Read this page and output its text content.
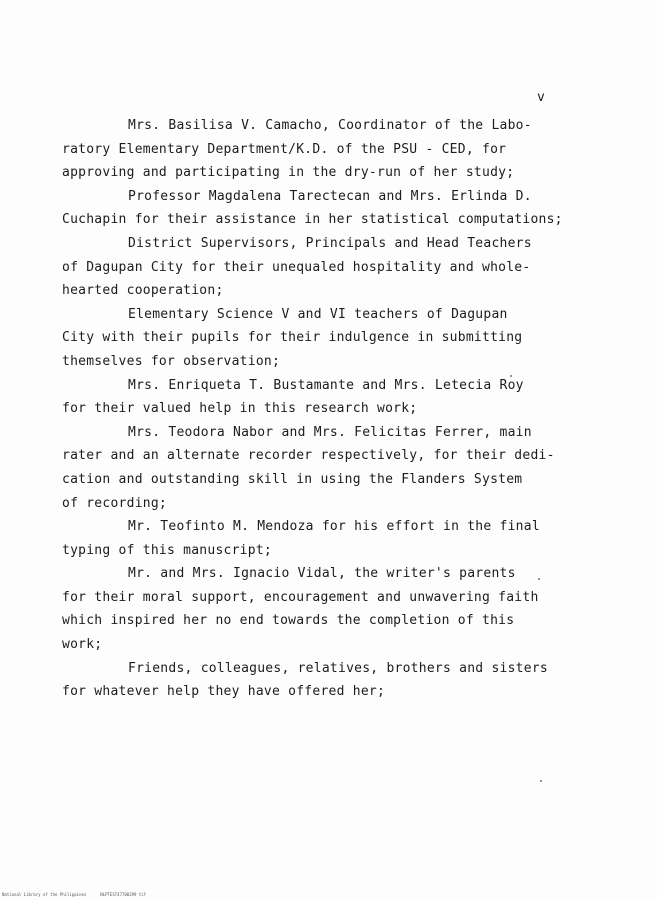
v
Mrs. Basilisa V. Camacho, Coordinator of the Labo-
ratory Elementary Department/K.D. of the PSU - CED, for
approving and participating in the dry-run of her study;
Professor Magdalena Tarectecan and Mrs. Erlinda D.
Cuchapin for their assistance in her statistical computations;
District Supervisors, Principals and Head Teachers
of Dagupan City for their unequaled hospitality and whole-
hearted cooperation;
Elementary Science V and VI teachers of Dagupan
City with their pupils for their indulgence in submitting
themselves for observation;
Mrs. Enriqueta T. Bustamante and Mrs. Letecia Roy
for their valued help in this research work;
Mrs. Teodora Nabor and Mrs. Felicitas Ferrer, main
rater and an alternate recorder respectively, for their dedi-
cation and outstanding skill in using the Flanders System
of recording;
Mr. Teofinto M. Mendoza for his effort in the final
typing of this manuscript;
Mr. and Mrs. Ignacio Vidal, the writer's parents
for their moral support, encouragement and unwavering faith
which inspired her no end towards the completion of this
work;
Friends, colleagues, relatives, brothers and sisters
for whatever help they have offered her;
National Library of the Philippines	NLPTEST47700299 tif
